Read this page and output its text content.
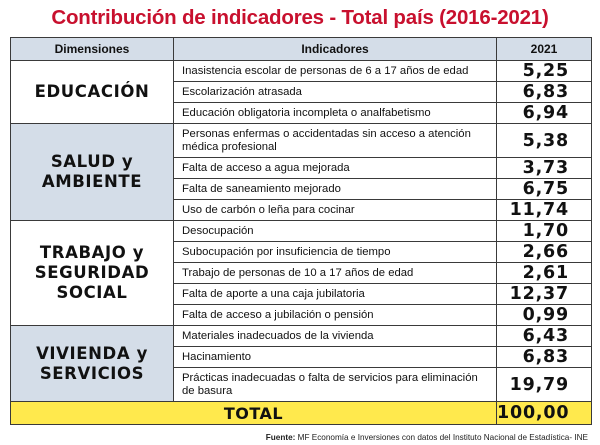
Contribución de indicadores - Total país (2016-2021)
Dimensiones	Indicadores	2021
EDUCACIÓN	Inasistencia escolar de personas de 6 a 17 años de edad	5,25
	Escolarización atrasada	6,83
	Educación obligatoria incompleta o analfabetismo	6,94
SALUD y AMBIENTE	Personas enfermas o accidentadas sin acceso a atención médica profesional	5,38
	Falta de acceso a agua mejorada	3,73
	Falta de saneamiento mejorado	6,75
	Uso de carbón o leña para cocinar	11,74
TRABAJO y SEGURIDAD SOCIAL	Desocupación	1,70
	Subocupación por insuficiencia de tiempo	2,66
	Trabajo de personas de 10 a 17 años de edad	2,61
	Falta de aporte a una caja jubilatoria	12,37
	Falta de acceso a jubilación o pensión	0,99
VIVIENDA y SERVICIOS	Materiales inadecuados de la vivienda	6,43
	Hacinamiento	6,83
	Prácticas inadecuadas o falta de servicios para eliminación de basura	19,79
TOTAL		100,00
Fuente: MF Economía e Inversiones con datos del Instituto Nacional de Estadística- INE
